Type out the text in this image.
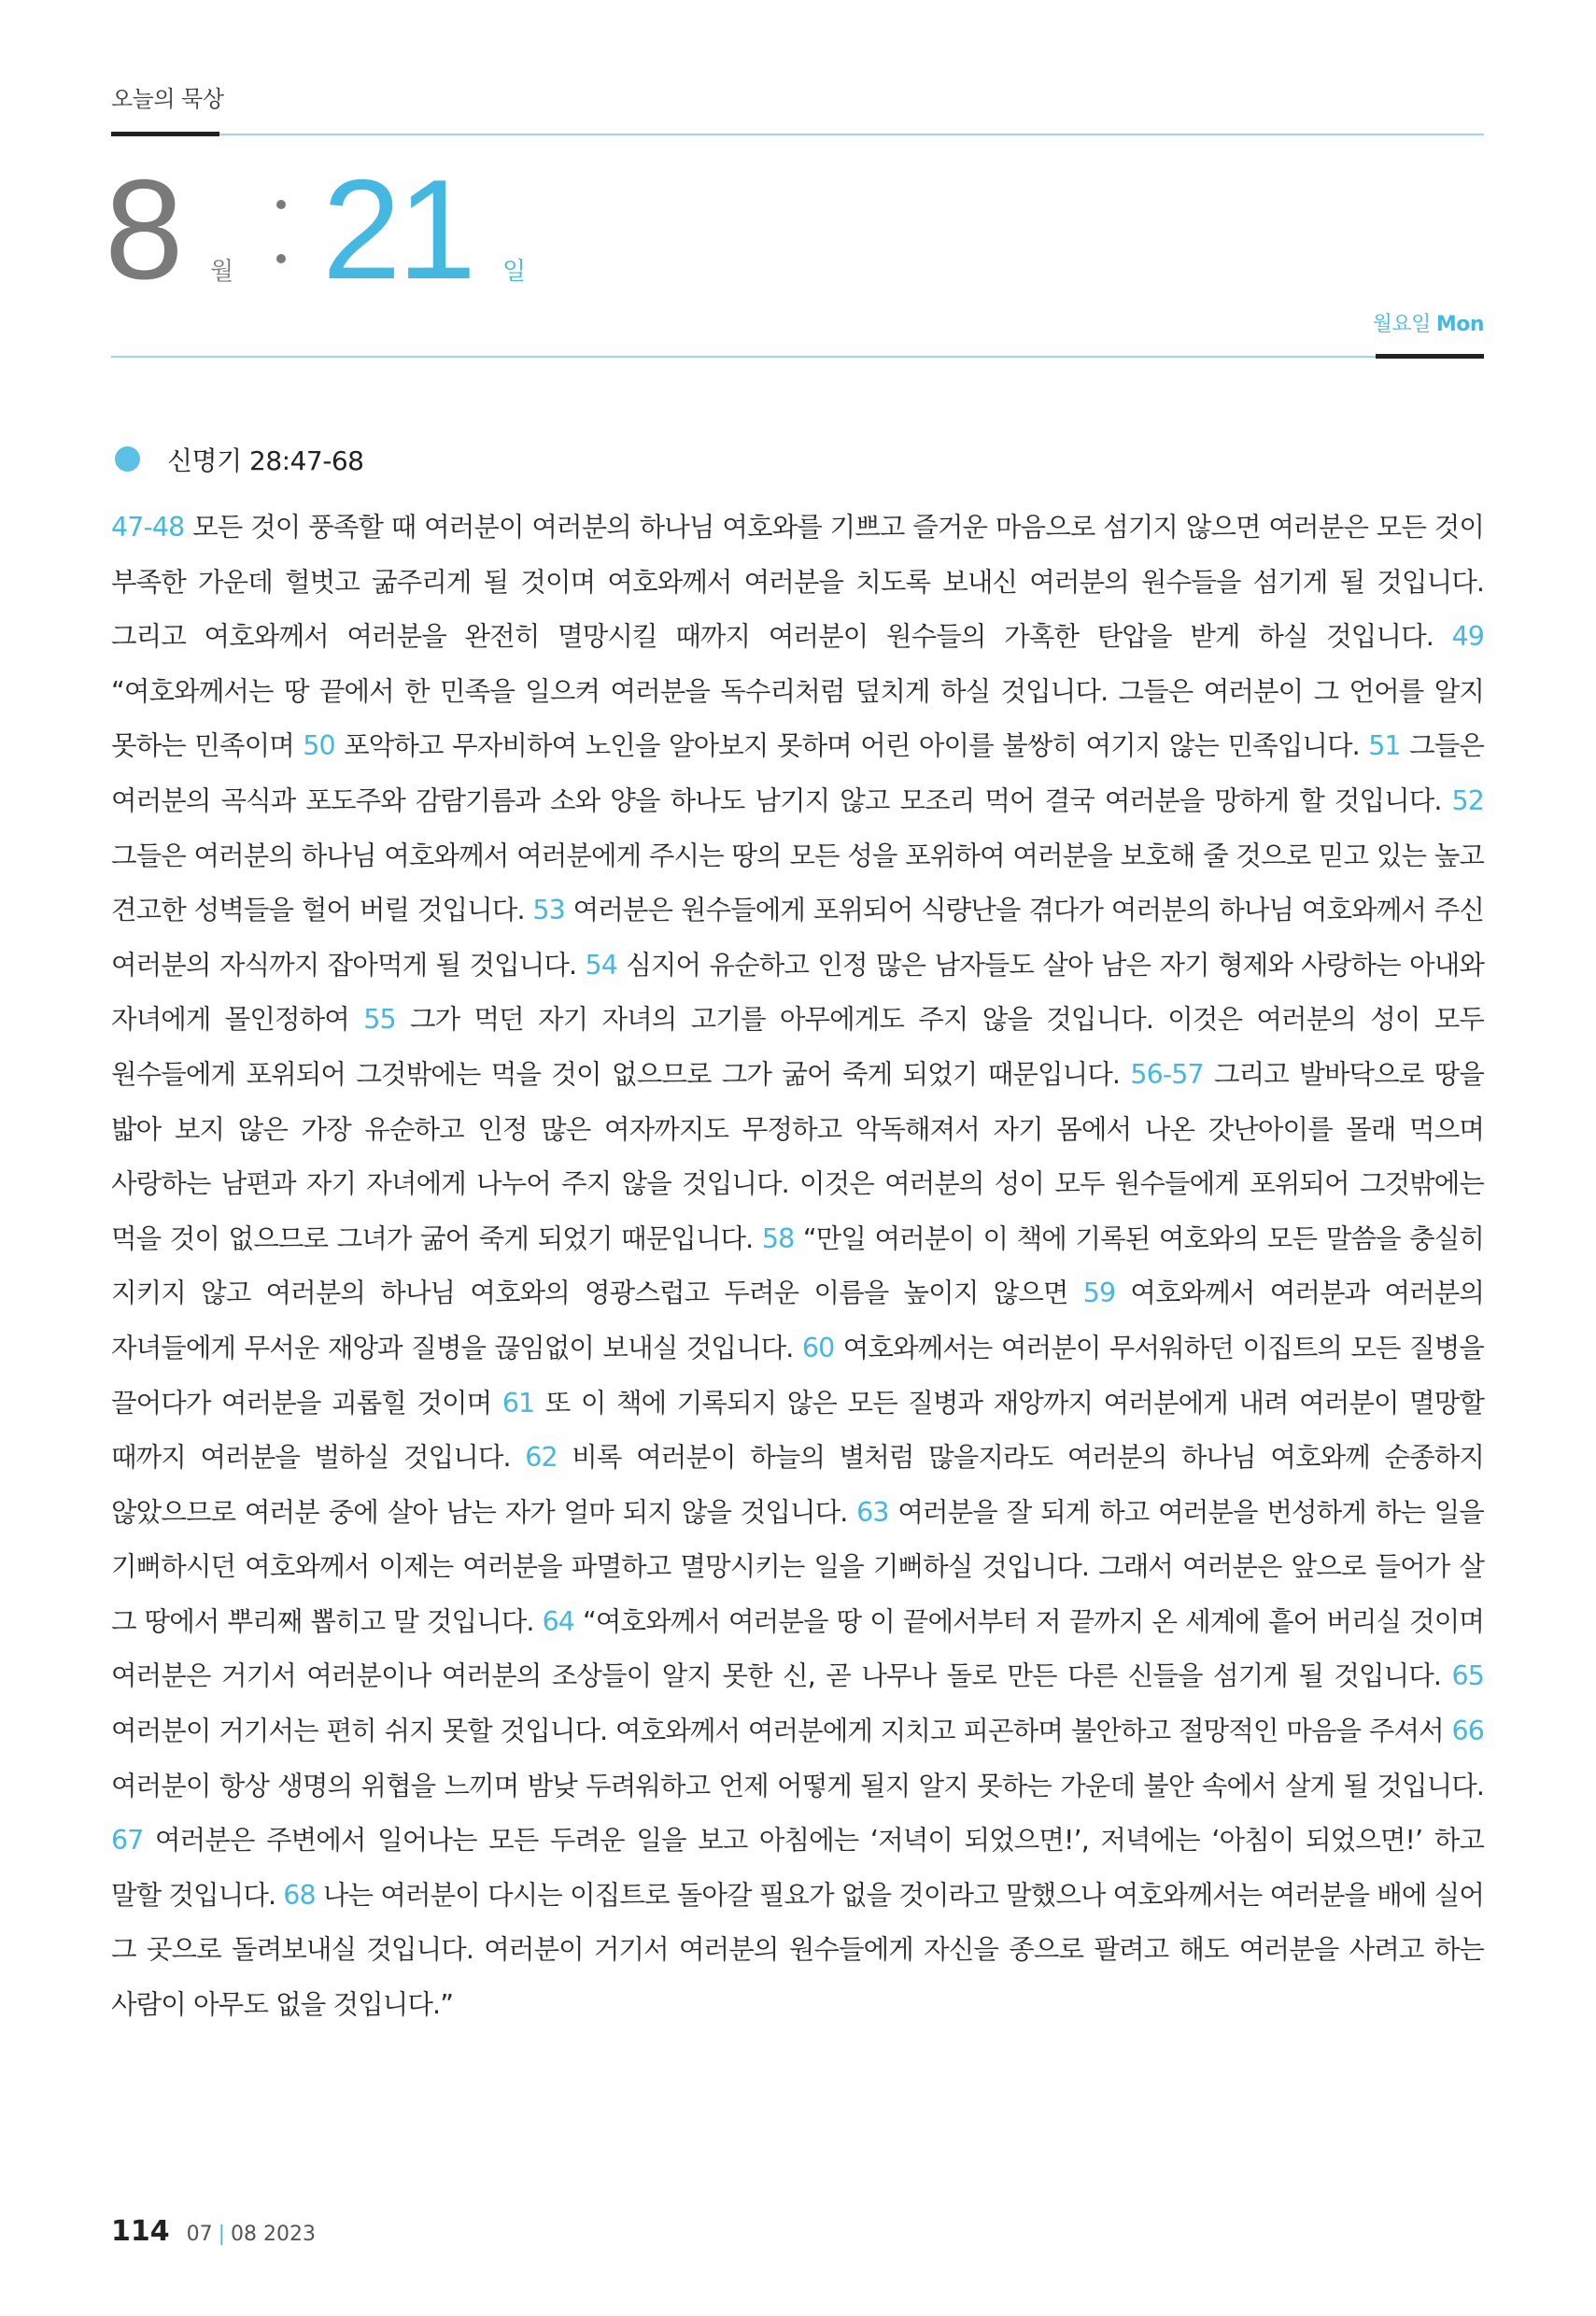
오늘의 묵상
8 월 21 일
월요일 Mon
신명기 28:47-68
47-48 모든 것이 풍족할 때 여러분이 여러분의 하나님 여호와를 기쁘고 즐거운 마음으로 섬기지 않으면 여러분은 모든 것이 부족한 가운데 헐벗고 굶주리게 될 것이며 여호와께서 여러분을 치도록 보내신 여러분의 원수들을 섬기게 될 것입니다. 그리고 여호와께서 여러분을 완전히 멸망시킬 때까지 여러분이 원수들의 가혹한 탄압을 받게 하실 것입니다. 49 “여호와께서는 땅 끝에서 한 민족을 일으켜 여러분을 독수리처럼 덮치게 하실 것입니다. 그들은 여러분이 그 언어를 알지 못하는 민족이며 50 포악하고 무자비하여 노인을 알아보지 못하며 어린 아이를 불쌍히 여기지 않는 민족입니다. 51 그들은 여러분의 곡식과 포도주와 감람기름과 소와 양을 하나도 남기지 않고 모조리 먹어 결국 여러분을 망하게 할 것입니다. 52 그들은 여러분의 하나님 여호와께서 여러분에게 주시는 땅의 모든 성을 포위하여 여러분을 보호해 줄 것으로 믿고 있는 높고 견고한 성벽들을 헐어 버릴 것입니다. 53 여러분은 원수들에게 포위되어 식량난을 겪다가 여러분의 하나님 여호와께서 주신 여러분의 자식까지 잡아먹게 될 것입니다. 54 심지어 유순하고 인정 많은 남자들도 살아 남은 자기 형제와 사랑하는 아내와 자녀에게 몰인정하여 55 그가 먹던 자기 자녀의 고기를 아무에게도 주지 않을 것입니다. 이것은 여러분의 성이 모두 원수들에게 포위되어 그것밖에는 먹을 것이 없으므로 그가 굶어 죽게 되었기 때문입니다. 56-57 그리고 발바닥으로 땅을 밟아 보지 않은 가장 유순하고 인정 많은 여자까지도 무정하고 악독해져서 자기 몸에서 나온 갓난아이를 몰래 먹으며 사랑하는 남편과 자기 자녀에게 나누어 주지 않을 것입니다. 이것은 여러분의 성이 모두 원수들에게 포위되어 그것밖에는 먹을 것이 없으므로 그녀가 굶어 죽게 되었기 때문입니다. 58 “만일 여러분이 이 책에 기록된 여호와의 모든 말씀을 충실히 지키지 않고 여러분의 하나님 여호와의 영광스럽고 두려운 이름을 높이지 않으면 59 여호와께서 여러분과 여러분의 자녀들에게 무서운 재앙과 질병을 끊임없이 보내실 것입니다. 60 여호와께서는 여러분이 무서워하던 이집트의 모든 질병을 끌어다가 여러분을 괴롭힐 것이며 61 또 이 책에 기록되지 않은 모든 질병과 재앙까지 여러분에게 내려 여러분이 멸망할 때까지 여러분을 벌하실 것입니다. 62 비록 여러분이 하늘의 별처럼 많을지라도 여러분의 하나님 여호와께 순종하지 않았으므로 여러분 중에 살아 남는 자가 얼마 되지 않을 것입니다. 63 여러분을 잘 되게 하고 여러분을 번성하게 하는 일을 기뻐하시던 여호와께서 이제는 여러분을 파멸하고 멸망시키는 일을 기뻐하실 것입니다. 그래서 여러분은 앞으로 들어가 살 그 땅에서 뿌리째 뽑히고 말 것입니다. 64 “여호와께서 여러분을 땅 이 끝에서부터 저 끝까지 온 세계에 흩어 버리실 것이며 여러분은 거기서 여러분이나 여러분의 조상들이 알지 못한 신, 곧 나무나 돌로 만든 다른 신들을 섬기게 될 것입니다. 65 여러분이 거기서는 편히 쉬지 못할 것입니다. 여호와께서 여러분에게 지치고 피곤하며 불안하고 절망적인 마음을 주셔서 66 여러분이 항상 생명의 위협을 느끼며 밤낮 두려워하고 언제 어떻게 될지 알지 못하는 가운데 불안 속에서 살게 될 것입니다. 67 여러분은 주변에서 일어나는 모든 두려운 일을 보고 아침에는 ‘저녁이 되었으면!’, 저녁에는 ‘아침이 되었으면!’ 하고 말할 것입니다. 68 나는 여러분이 다시는 이집트로 돌아갈 필요가 없을 것이라고 말했으나 여호와께서는 여러분을 배에 실어 그 곳으로 돌려보내실 것입니다. 여러분이 거기서 여러분의 원수들에게 자신을 종으로 팔려고 해도 여러분을 사려고 하는 사람이 아무도 없을 것입니다.”
114 07 | 08 2023
